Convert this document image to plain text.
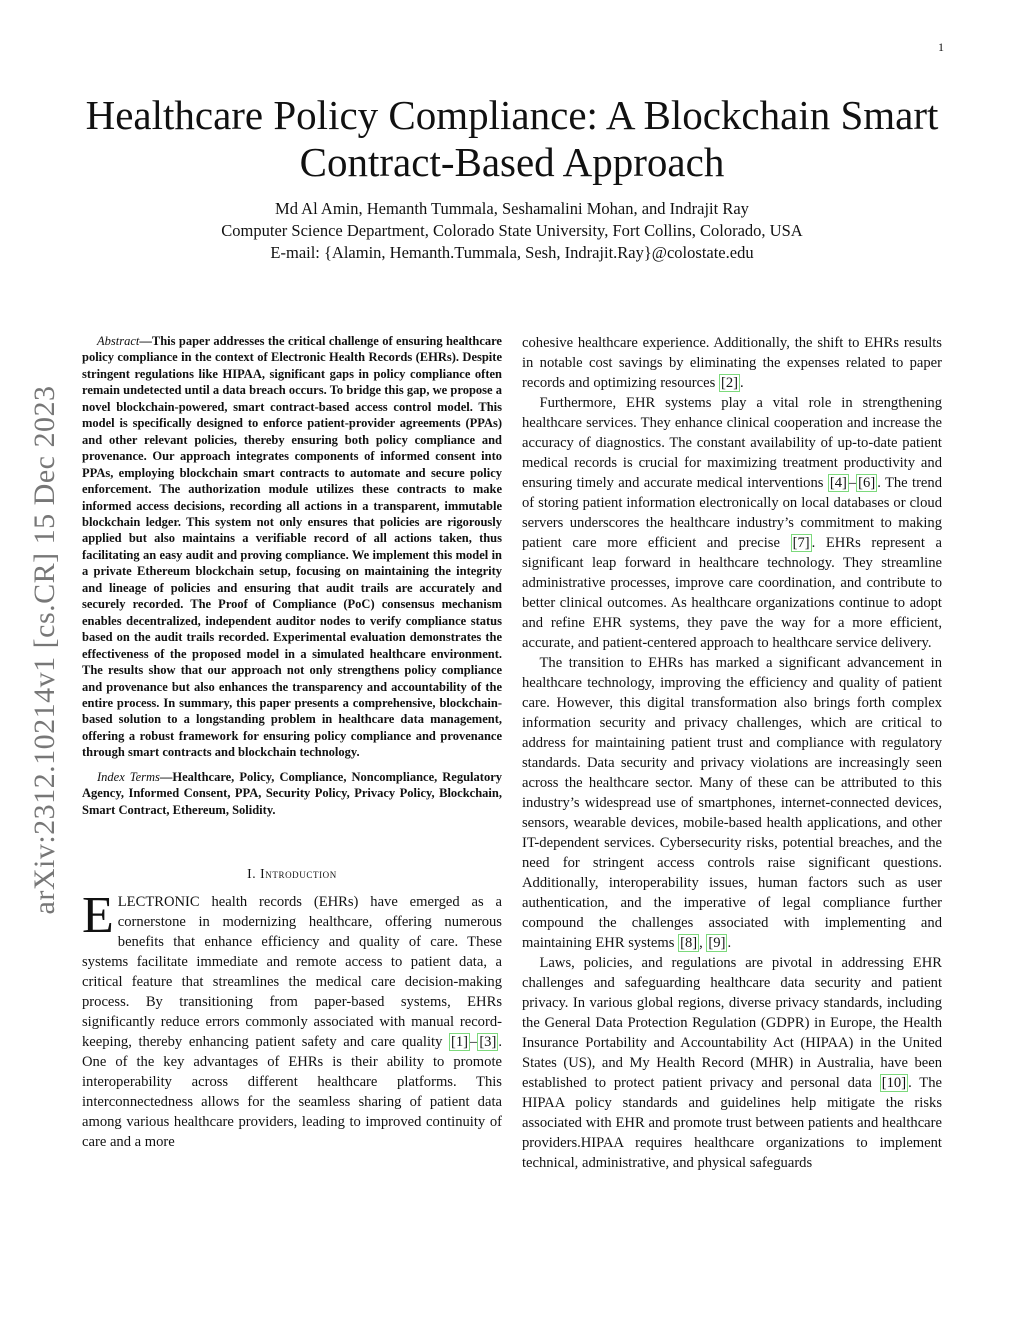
1
arXiv:2312.10214v1 [cs.CR] 15 Dec 2023
Healthcare Policy Compliance: A Blockchain Smart
Contract-Based Approach
Md Al Amin, Hemanth Tummala, Seshamalini Mohan, and Indrajit Ray
Computer Science Department, Colorado State University, Fort Collins, Colorado, USA
E-mail: {Alamin, Hemanth.Tummala, Sesh, Indrajit.Ray}@colostate.edu

Abstract—This paper addresses the critical challenge of ensuring healthcare policy compliance in the context of Electronic Health Records (EHRs). Despite stringent regulations like HIPAA, significant gaps in policy compliance often remain undetected until a data breach occurs. To bridge this gap, we propose a novel blockchain-powered, smart contract-based access control model. This model is specifically designed to enforce patient-provider agreements (PPAs) and other relevant policies, thereby ensuring both policy compliance and provenance. Our approach integrates components of informed consent into PPAs, employing blockchain smart contracts to automate and secure policy enforcement. The authorization module utilizes these contracts to make informed access decisions, recording all actions in a transparent, immutable blockchain ledger. This system not only ensures that policies are rigorously applied but also maintains a verifiable record of all actions taken, thus facilitating an easy audit and proving compliance. We implement this model in a private Ethereum blockchain setup, focusing on maintaining the integrity and lineage of policies and ensuring that audit trails are accurately and securely recorded. The Proof of Compliance (PoC) consensus mechanism enables decentralized, independent auditor nodes to verify compliance status based on the audit trails recorded. Experimental evaluation demonstrates the effectiveness of the proposed model in a simulated healthcare environment. The results show that our approach not only strengthens policy compliance and provenance but also enhances the transparency and accountability of the entire process. In summary, this paper presents a comprehensive, blockchain-based solution to a longstanding problem in healthcare data management, offering a robust framework for ensuring policy compliance and provenance through smart contracts and blockchain technology.

Index Terms—Healthcare, Policy, Compliance, Noncompliance, Regulatory Agency, Informed Consent, PPA, Security Policy, Privacy Policy, Blockchain, Smart Contract, Ethereum, Solidity.

I. Introduction

ELECTRONIC health records (EHRs) have emerged as a cornerstone in modernizing healthcare, offering numerous benefits that enhance efficiency and quality of care. These systems facilitate immediate and remote access to patient data, a critical feature that streamlines the medical care decision-making process. By transitioning from paper-based systems, EHRs significantly reduce errors commonly associated with manual record-keeping, thereby enhancing patient safety and care quality [1] – [3] . One of the key advantages of EHRs is their ability to promote interoperability across different healthcare platforms. This interconnectedness allows for the seamless sharing of patient data among various healthcare providers, leading to improved continuity of care and a more

cohesive healthcare experience. Additionally, the shift to EHRs results in notable cost savings by eliminating the expenses related to paper records and optimizing resources [2] .

Furthermore, EHR systems play a vital role in strengthening healthcare services. They enhance clinical cooperation and increase the accuracy of diagnostics. The constant availability of up-to-date patient medical records is crucial for maximizing treatment productivity and ensuring timely and accurate medical interventions [4] – [6] . The trend of storing patient information electronically on local databases or cloud servers underscores the healthcare industry’s commitment to making patient care more efficient and precise [7] . EHRs represent a significant leap forward in healthcare technology. They streamline administrative processes, improve care coordination, and contribute to better clinical outcomes. As healthcare organizations continue to adopt and refine EHR systems, they pave the way for a more efficient, accurate, and patient-centered approach to healthcare service delivery.

The transition to EHRs has marked a significant advancement in healthcare technology, improving the efficiency and quality of patient care. However, this digital transformation also brings forth complex information security and privacy challenges, which are critical to address for maintaining patient trust and compliance with regulatory standards. Data security and privacy violations are increasingly seen across the healthcare sector. Many of these can be attributed to this industry’s widespread use of smartphones, internet-connected devices, sensors, wearable devices, mobile-based health applications, and other IT-dependent services. Cybersecurity risks, potential breaches, and the need for stringent access controls raise significant questions. Additionally, interoperability issues, human factors such as user authentication, and the imperative of legal compliance further compound the challenges associated with implementing and maintaining EHR systems [8] , [9] .

Laws, policies, and regulations are pivotal in addressing EHR challenges and safeguarding healthcare data security and patient privacy. In various global regions, diverse privacy standards, including the General Data Protection Regulation (GDPR) in Europe, the Health Insurance Portability and Accountability Act (HIPAA) in the United States (US), and My Health Record (MHR) in Australia, have been established to protect patient privacy and personal data [10] . The HIPAA policy standards and guidelines help mitigate the risks associated with EHR and promote trust between patients and healthcare providers.HIPAA requires healthcare organizations to implement technical, administrative, and physical safeguards
